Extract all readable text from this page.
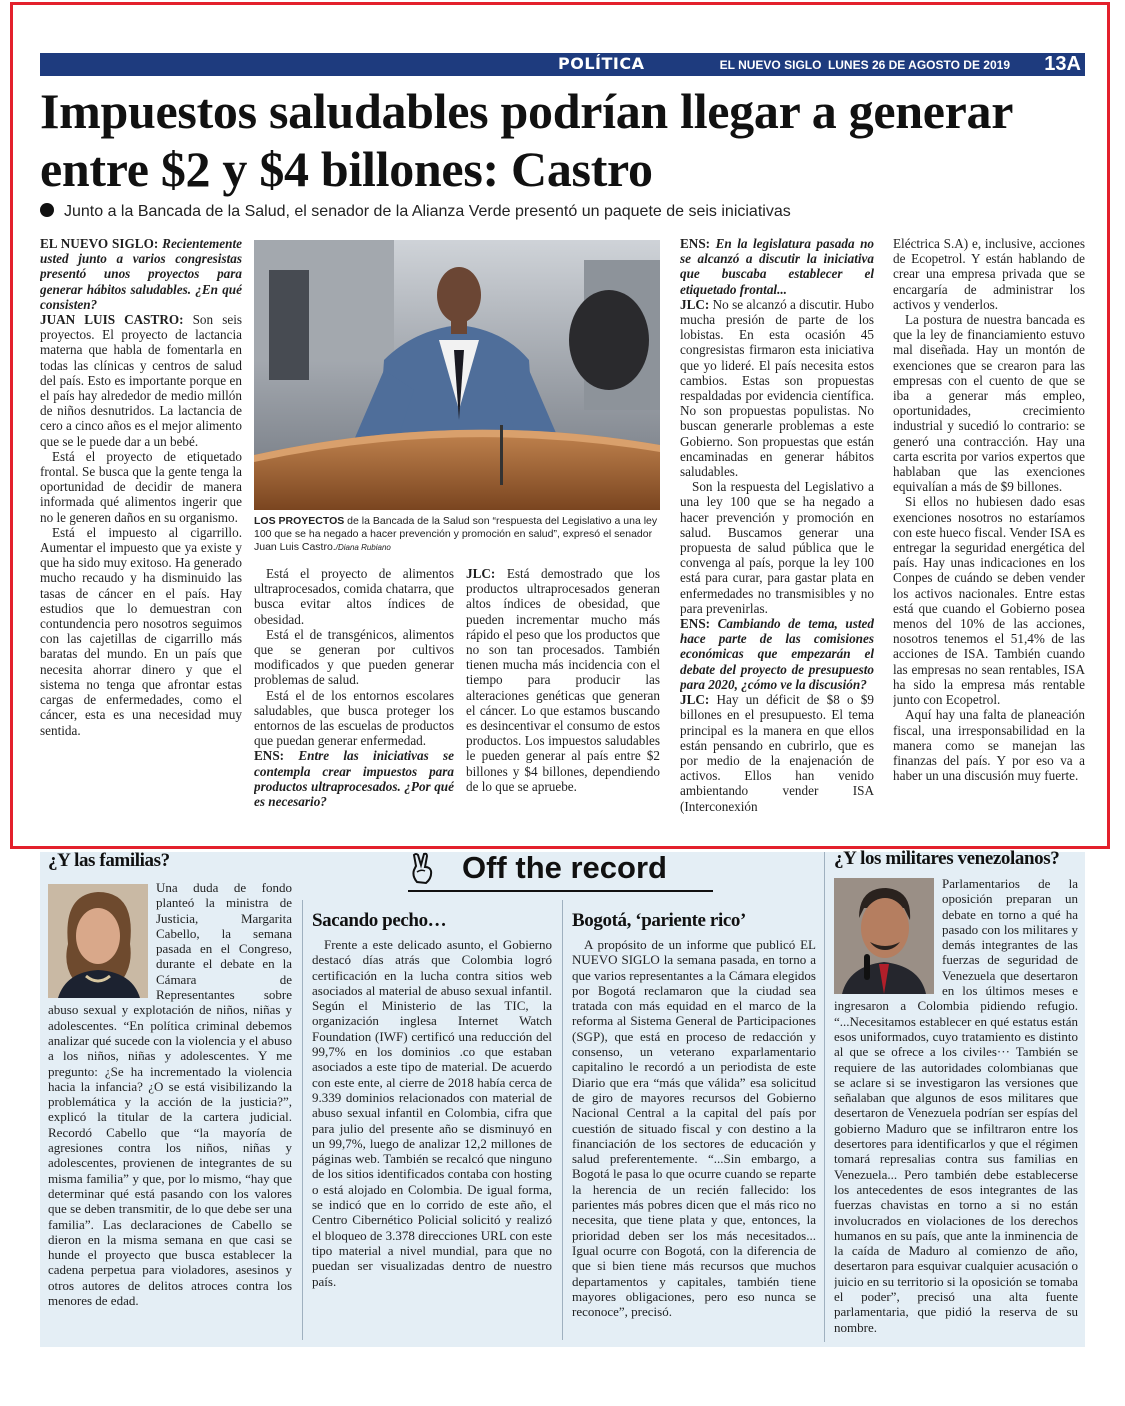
POLÍTICA	EL NUEVO SIGLO LUNES 26 DE AGOSTO DE 2019 13A
Impuestos saludables podrían llegar a generar entre $2 y $4 billones: Castro
Junto a la Bancada de la Salud, el senador de la Alianza Verde presentó un paquete de seis iniciativas

EL NUEVO SIGLO: Recientemente usted junto a varios congresistas presentó unos proyectos para generar hábitos saludables. ¿En qué consisten?

JUAN LUIS CASTRO: Son seis proyectos. El proyecto de lactancia materna que habla de fomentarla en todas las clínicas y centros de salud del país. Esto es importante porque en el país hay alrededor de medio millón de niños desnutridos. La lactancia de cero a cinco años es el mejor alimento que se le puede dar a un bebé.

Está el proyecto de etiquetado frontal. Se busca que la gente tenga la oportunidad de decidir de manera informada qué alimentos ingerir que no le generen daños en su organismo.

Está el impuesto al cigarrillo. Aumentar el impuesto que ya existe y que ha sido muy exitoso. Ha generado mucho recaudo y ha disminuido las tasas de cáncer en el país. Hay estudios que lo demuestran con contundencia pero nosotros seguimos con las cajetillas de cigarrillo más baratas del mundo. En un país que necesita ahorrar dinero y que el sistema no tenga que afrontar estas cargas de enfermedades, como el cáncer, esta es una necesidad muy sentida.

LOS PROYECTOS de la Bancada de la Salud son “respuesta del Legislativo a una ley 100 que se ha negado a hacer prevención y promoción en salud”, expresó el senador Juan Luis Castro./Diana Rubiano

Está el proyecto de alimentos ultraprocesados, comida chatarra, que busca evitar altos índices de obesidad.

Está el de transgénicos, alimentos que se generan por cultivos modificados y que pueden generar problemas de salud.

Está el de los entornos escolares saludables, que busca proteger los entornos de las escuelas de productos que puedan generar enfermedad.

ENS: Entre las iniciativas se contempla crear impuestos para productos ultraprocesados. ¿Por qué es necesario?

JLC: Está demostrado que los productos ultraprocesados generan altos índices de obesidad, que pueden incrementar mucho más rápido el peso que los productos que no son tan procesados. También tienen mucha más incidencia con el tiempo para producir las alteraciones genéticas que generan el cáncer. Lo que estamos buscando es desincentivar el consumo de estos productos. Los impuestos saludables le pueden generar al país entre $2 billones y $4 billones, dependiendo de lo que se apruebe.

ENS: En la legislatura pasada no se alcanzó a discutir la iniciativa que buscaba establecer el etiquetado frontal...

JLC: No se alcanzó a discutir. Hubo mucha presión de parte de los lobistas. En esta ocasión 45 congresistas firmaron esta iniciativa que yo lideré. El país necesita estos cambios. Estas son propuestas respaldadas por evidencia científica. No son propuestas populistas. No buscan generarle problemas a este Gobierno. Son propuestas que están encaminadas en generar hábitos saludables.

Son la respuesta del Legislativo a una ley 100 que se ha negado a hacer prevención y promoción en salud. Buscamos generar una propuesta de salud pública que le convenga al país, porque la ley 100 está para curar, para gastar plata en enfermedades no transmisibles y no para prevenirlas.

ENS: Cambiando de tema, usted hace parte de las comisiones económicas que empezarán el debate del proyecto de presupuesto para 2020, ¿cómo ve la discusión?

JLC: Hay un déficit de $8 o $9 billones en el presupuesto. El tema principal es la manera en que ellos están pensando en cubrirlo, que es por medio de la enajenación de activos. Ellos han venido ambientando vender ISA (Interconexión

Eléctrica S.A) e, inclusive, acciones de Ecopetrol. Y están hablando de crear una empresa privada que se encargaría de administrar los activos y venderlos.

La postura de nuestra bancada es que la ley de financiamiento estuvo mal diseñada. Hay un montón de exenciones que se crearon para las empresas con el cuento de que se iba a generar más empleo, oportunidades, crecimiento industrial y sucedió lo contrario: se generó una contracción. Hay una carta escrita por varios expertos que hablaban que las exenciones equivalían a más de $9 billones.

Si ellos no hubiesen dado esas exenciones nosotros no estaríamos con este hueco fiscal. Vender ISA es entregar la seguridad energética del país. Hay unas indicaciones en los Conpes de cuándo se deben vender los activos nacionales. Entre estas está que cuando el Gobierno posea menos del 10% de las acciones, nosotros tenemos el 51,4% de las acciones de ISA. También cuando las empresas no sean rentables, ISA ha sido la empresa más rentable junto con Ecopetrol.

Aquí hay una falta de planeación fiscal, una irresponsabilidad en la manera como se manejan las finanzas del país. Y por eso va a haber un una discusión muy fuerte.

Off the record
¿Y las familias?
Una duda de fondo planteó la ministra de Justicia, Margarita Cabello, la semana pasada en el Congreso, durante el debate en la Cámara de Representantes sobre abuso sexual y explotación de niños, niñas y adolescentes. “En política criminal debemos analizar qué sucede con la violencia y el abuso a los niños, niñas y adolescentes. Y me pregunto: ¿Se ha incrementado la violencia hacia la infancia? ¿O se está visibilizando la problemática y la acción de la justicia?”, explicó la titular de la cartera judicial. Recordó Cabello que “la mayoría de agresiones contra los niños, niñas y adolescentes, provienen de integrantes de su misma familia” y que, por lo mismo, “hay que determinar qué está pasando con los valores que se deben transmitir, de lo que debe ser una familia”. Las declaraciones de Cabello se dieron en la misma semana en que casi se hunde el proyecto que busca establecer la cadena perpetua para violadores, asesinos y otros autores de delitos atroces contra los menores de edad.
Sacando pecho…

Frente a este delicado asunto, el Gobierno destacó días atrás que Colombia logró certificación en la lucha contra sitios web asociados al material de abuso sexual infantil. Según el Ministerio de las TIC, la organización inglesa Internet Watch Foundation (IWF) certificó una reducción del 99,7% en los dominios .co que estaban asociados a este tipo de material. De acuerdo con este ente, al cierre de 2018 había cerca de 9.339 dominios relacionados con material de abuso sexual infantil en Colombia, cifra que para julio del presente año se disminuyó en un 99,7%, luego de analizar 12,2 millones de páginas web. También se recalcó que ninguno de los sitios identificados contaba con hosting o está alojado en Colombia. De igual forma, se indicó que en lo corrido de este año, el Centro Cibernético Policial solicitó y realizó el bloqueo de 3.378 direcciones URL con este tipo material a nivel mundial, para que no puedan ser visualizadas dentro de nuestro país.

Bogotá, ‘pariente rico’

A propósito de un informe que publicó EL NUEVO SIGLO la semana pasada, en torno a que varios representantes a la Cámara elegidos por Bogotá reclamaron que la ciudad sea tratada con más equidad en el marco de la reforma al Sistema General de Participaciones (SGP), que está en proceso de redacción y consenso, un veterano exparlamentario capitalino le recordó a un periodista de este Diario que era “más que válida” esa solicitud de giro de mayores recursos del Gobierno Nacional Central a la capital del país por cuestión de situado fiscal y con destino a la financiación de los sectores de educación y salud preferentemente. “...Sin embargo, a Bogotá le pasa lo que ocurre cuando se reparte la herencia de un recién fallecido: los parientes más pobres dicen que el más rico no necesita, que tiene plata y que, entonces, la prioridad deben ser los más necesitados... Igual ocurre con Bogotá, con la diferencia de que si bien tiene más recursos que muchos departamentos y capitales, también tiene mayores obligaciones, pero eso nunca se reconoce”, precisó.

¿Y los militares venezolanos?
Parlamentarios de la oposición preparan un debate en torno a qué ha pasado con los militares y demás integrantes de las fuerzas de seguridad de Venezuela que desertaron en los últimos meses e ingresaron a Colombia pidiendo refugio. “...Necesitamos establecer en qué estatus están esos uniformados, cuyo tratamiento es distinto al que se ofrece a los civiles··· También se requiere de las autoridades colombianas que se aclare si se investigaron las versiones que señalaban que algunos de esos militares que desertaron de Venezuela podrían ser espías del gobierno Maduro que se infiltraron entre los desertores para identificarlos y que el régimen tomará represalias contra sus familias en Venezuela... Pero también debe establecerse los antecedentes de esos integrantes de las fuerzas chavistas en torno a si no están involucrados en violaciones de los derechos humanos en su país, que ante la inminencia de la caída de Maduro al comienzo de año, desertaron para esquivar cualquier acusación o juicio en su territorio si la oposición se tomaba el poder”, precisó una alta fuente parlamentaria, que pidió la reserva de su nombre.
